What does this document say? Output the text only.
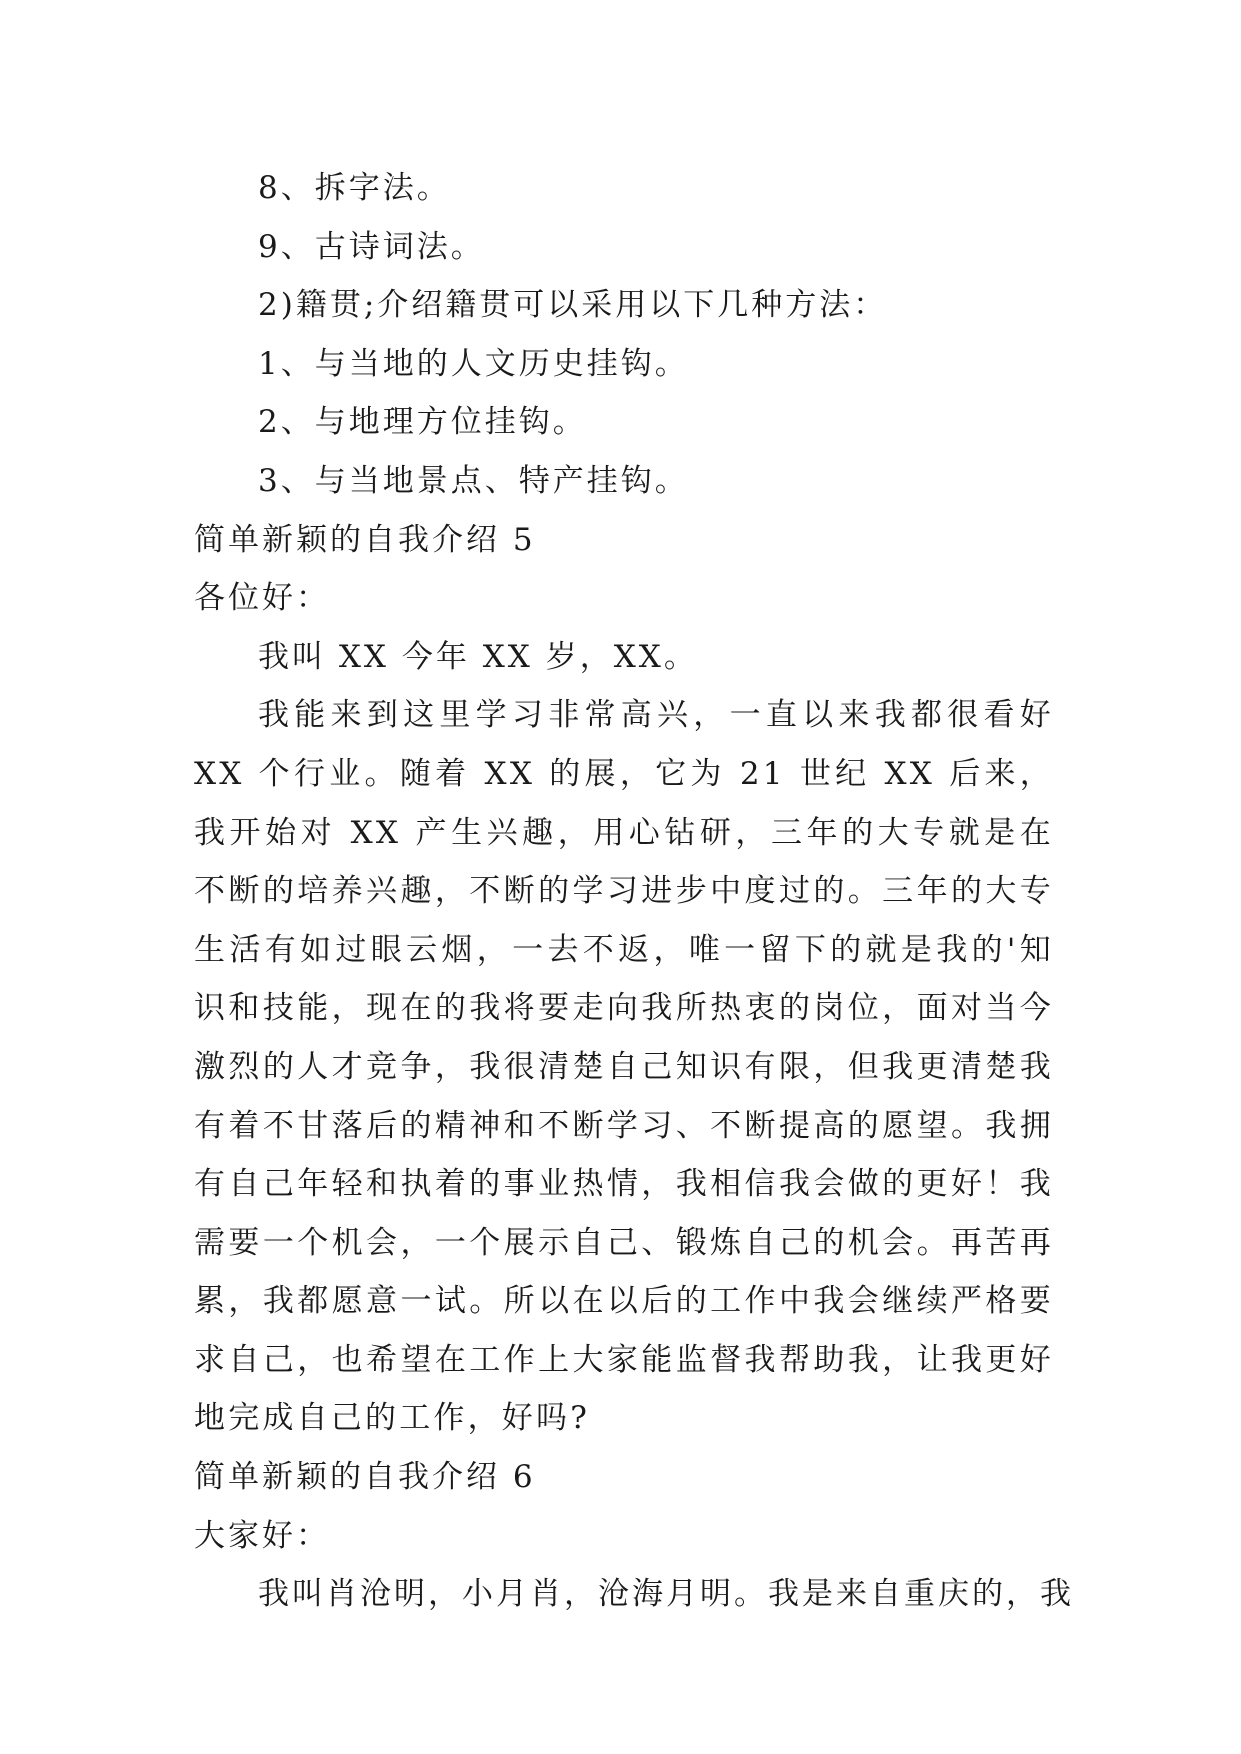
8、拆字法。
9、古诗词法。
2)籍贯;介绍籍贯可以采用以下几种方法：
1、与当地的人文历史挂钩。
2、与地理方位挂钩。
3、与当地景点、特产挂钩。
简单新颖的自我介绍 5
各位好：
我叫 XX 今年 XX 岁，XX。
我能来到这里学习非常高兴，一直以来我都很看好 XX 个行业。随着 XX 的展，它为 21 世纪 XX 后来，我开始对 XX 产生兴趣，用心钻研，三年的大专就是在不断的培养兴趣，不断的学习进步中度过的。三年的大专生活有如过眼云烟，一去不返，唯一留下的就是我的'知识和技能，现在的我将要走向我所热衷的岗位，面对当今激烈的人才竞争，我很清楚自己知识有限，但我更清楚我有着不甘落后的精神和不断学习、不断提高的愿望。我拥有自己年轻和执着的事业热情，我相信我会做的更好！我需要一个机会，一个展示自己、锻炼自己的机会。再苦再累，我都愿意一试。所以在以后的工作中我会继续严格要求自己，也希望在工作上大家能监督我帮助我，让我更好地完成自己的工作，好吗?
简单新颖的自我介绍 6
大家好：
我叫肖沧明，小月肖，沧海月明。我是来自重庆的，我
